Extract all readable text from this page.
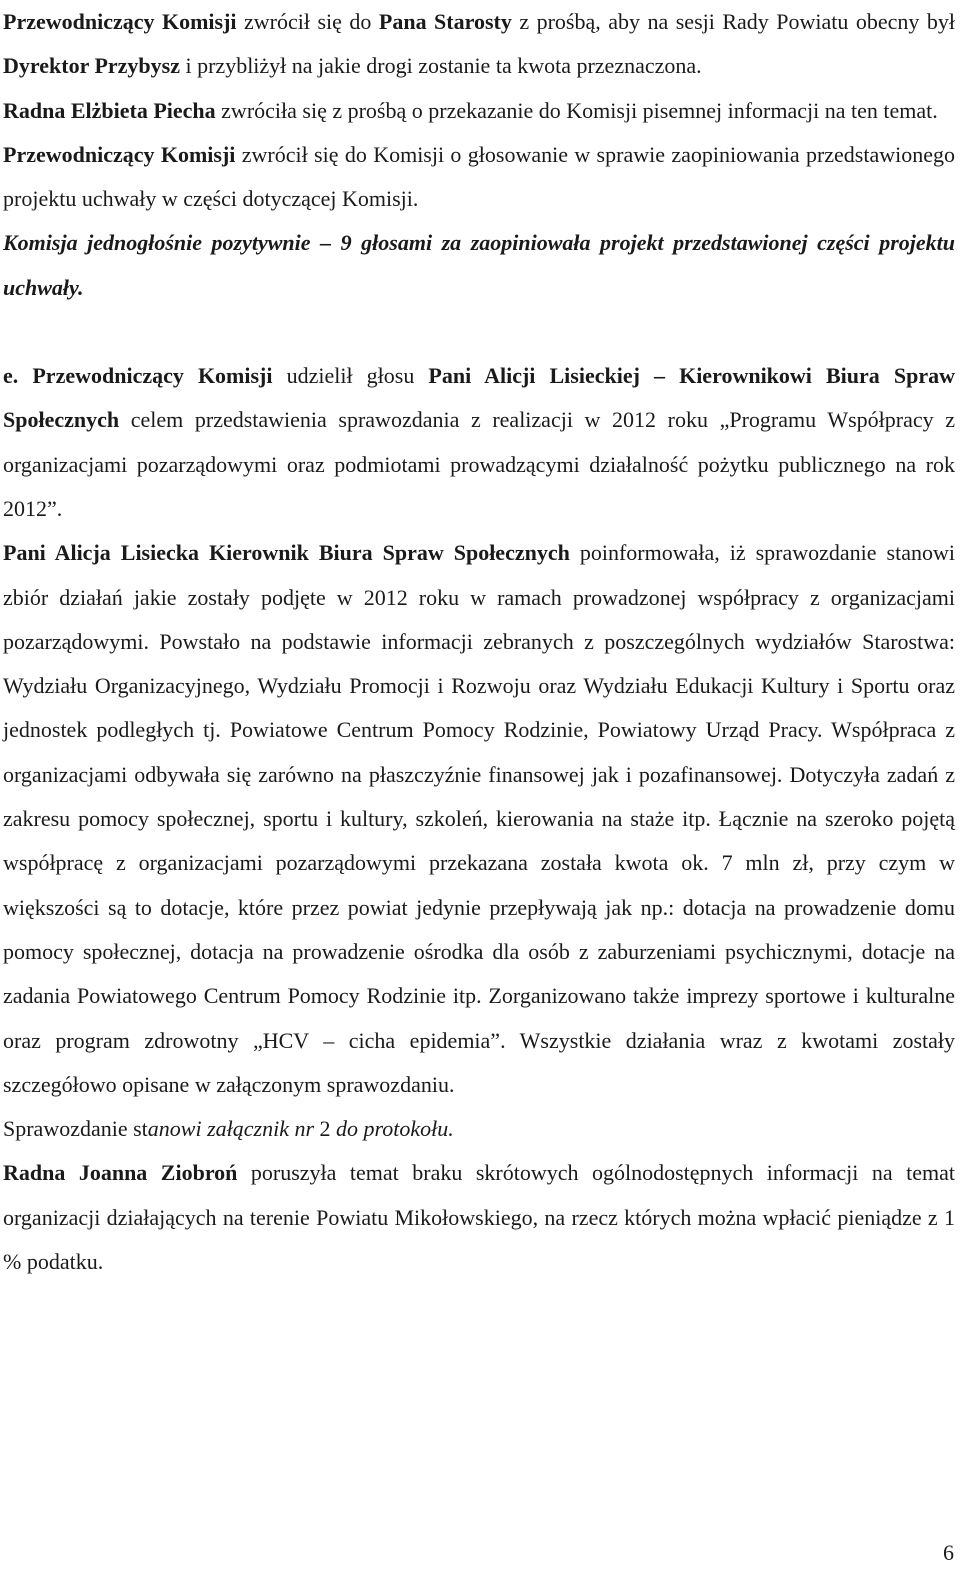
Przewodniczący Komisji zwrócił się do Pana Starosty z prośbą, aby na sesji Rady Powiatu obecny był Dyrektor Przybysz i przybliżył na jakie drogi zostanie ta kwota przeznaczona.

Radna Elżbieta Piecha zwróciła się z prośbą o przekazanie do Komisji pisemnej informacji na ten temat.

Przewodniczący Komisji zwrócił się do Komisji o głosowanie w sprawie zaopiniowania przedstawionego projektu uchwały w części dotyczącej Komisji.

Komisja jednogłośnie pozytywnie – 9 głosami za zaopiniowała projekt przedstawionej części projektu uchwały.

e. Przewodniczący Komisji udzielił głosu Pani Alicji Lisieckiej – Kierownikowi Biura Spraw Społecznych celem przedstawienia sprawozdania z realizacji w 2012 roku „Programu Współpracy z organizacjami pozarządowymi oraz podmiotami prowadzącymi działalność pożytku publicznego na rok 2012”.

Pani Alicja Lisiecka Kierownik Biura Spraw Społecznych poinformowała, iż sprawozdanie stanowi zbiór działań jakie zostały podjęte w 2012 roku w ramach prowadzonej współpracy z organizacjami pozarządowymi. Powstało na podstawie informacji zebranych z poszczególnych wydziałów Starostwa: Wydziału Organizacyjnego, Wydziału Promocji i Rozwoju oraz Wydziału Edukacji Kultury i Sportu oraz jednostek podległych tj. Powiatowe Centrum Pomocy Rodzinie, Powiatowy Urząd Pracy. Współpraca z organizacjami odbywała się zarówno na płaszczyźnie finansowej jak i pozafinansowej. Dotyczyła zadań z zakresu pomocy społecznej, sportu i kultury, szkoleń, kierowania na staże itp. Łącznie na szeroko pojętą współpracę z organizacjami pozarządowymi przekazana została kwota ok. 7 mln zł, przy czym w większości są to dotacje, które przez powiat jedynie przepływają jak np.: dotacja na prowadzenie domu pomocy społecznej, dotacja na prowadzenie ośrodka dla osób z zaburzeniami psychicznymi, dotacje na zadania Powiatowego Centrum Pomocy Rodzinie itp. Zorganizowano także imprezy sportowe i kulturalne oraz program zdrowotny „HCV – cicha epidemia”. Wszystkie działania wraz z kwotami zostały szczegółowo opisane w załączonym sprawozdaniu.

Sprawozdanie stanowi załącznik nr 2 do protokołu.

Radna Joanna Ziobroń poruszyła temat braku skrótowych ogólnodostępnych informacji na temat organizacji działających na terenie Powiatu Mikołowskiego, na rzecz których można wpłacić pieniądze z 1 % podatku.

6
